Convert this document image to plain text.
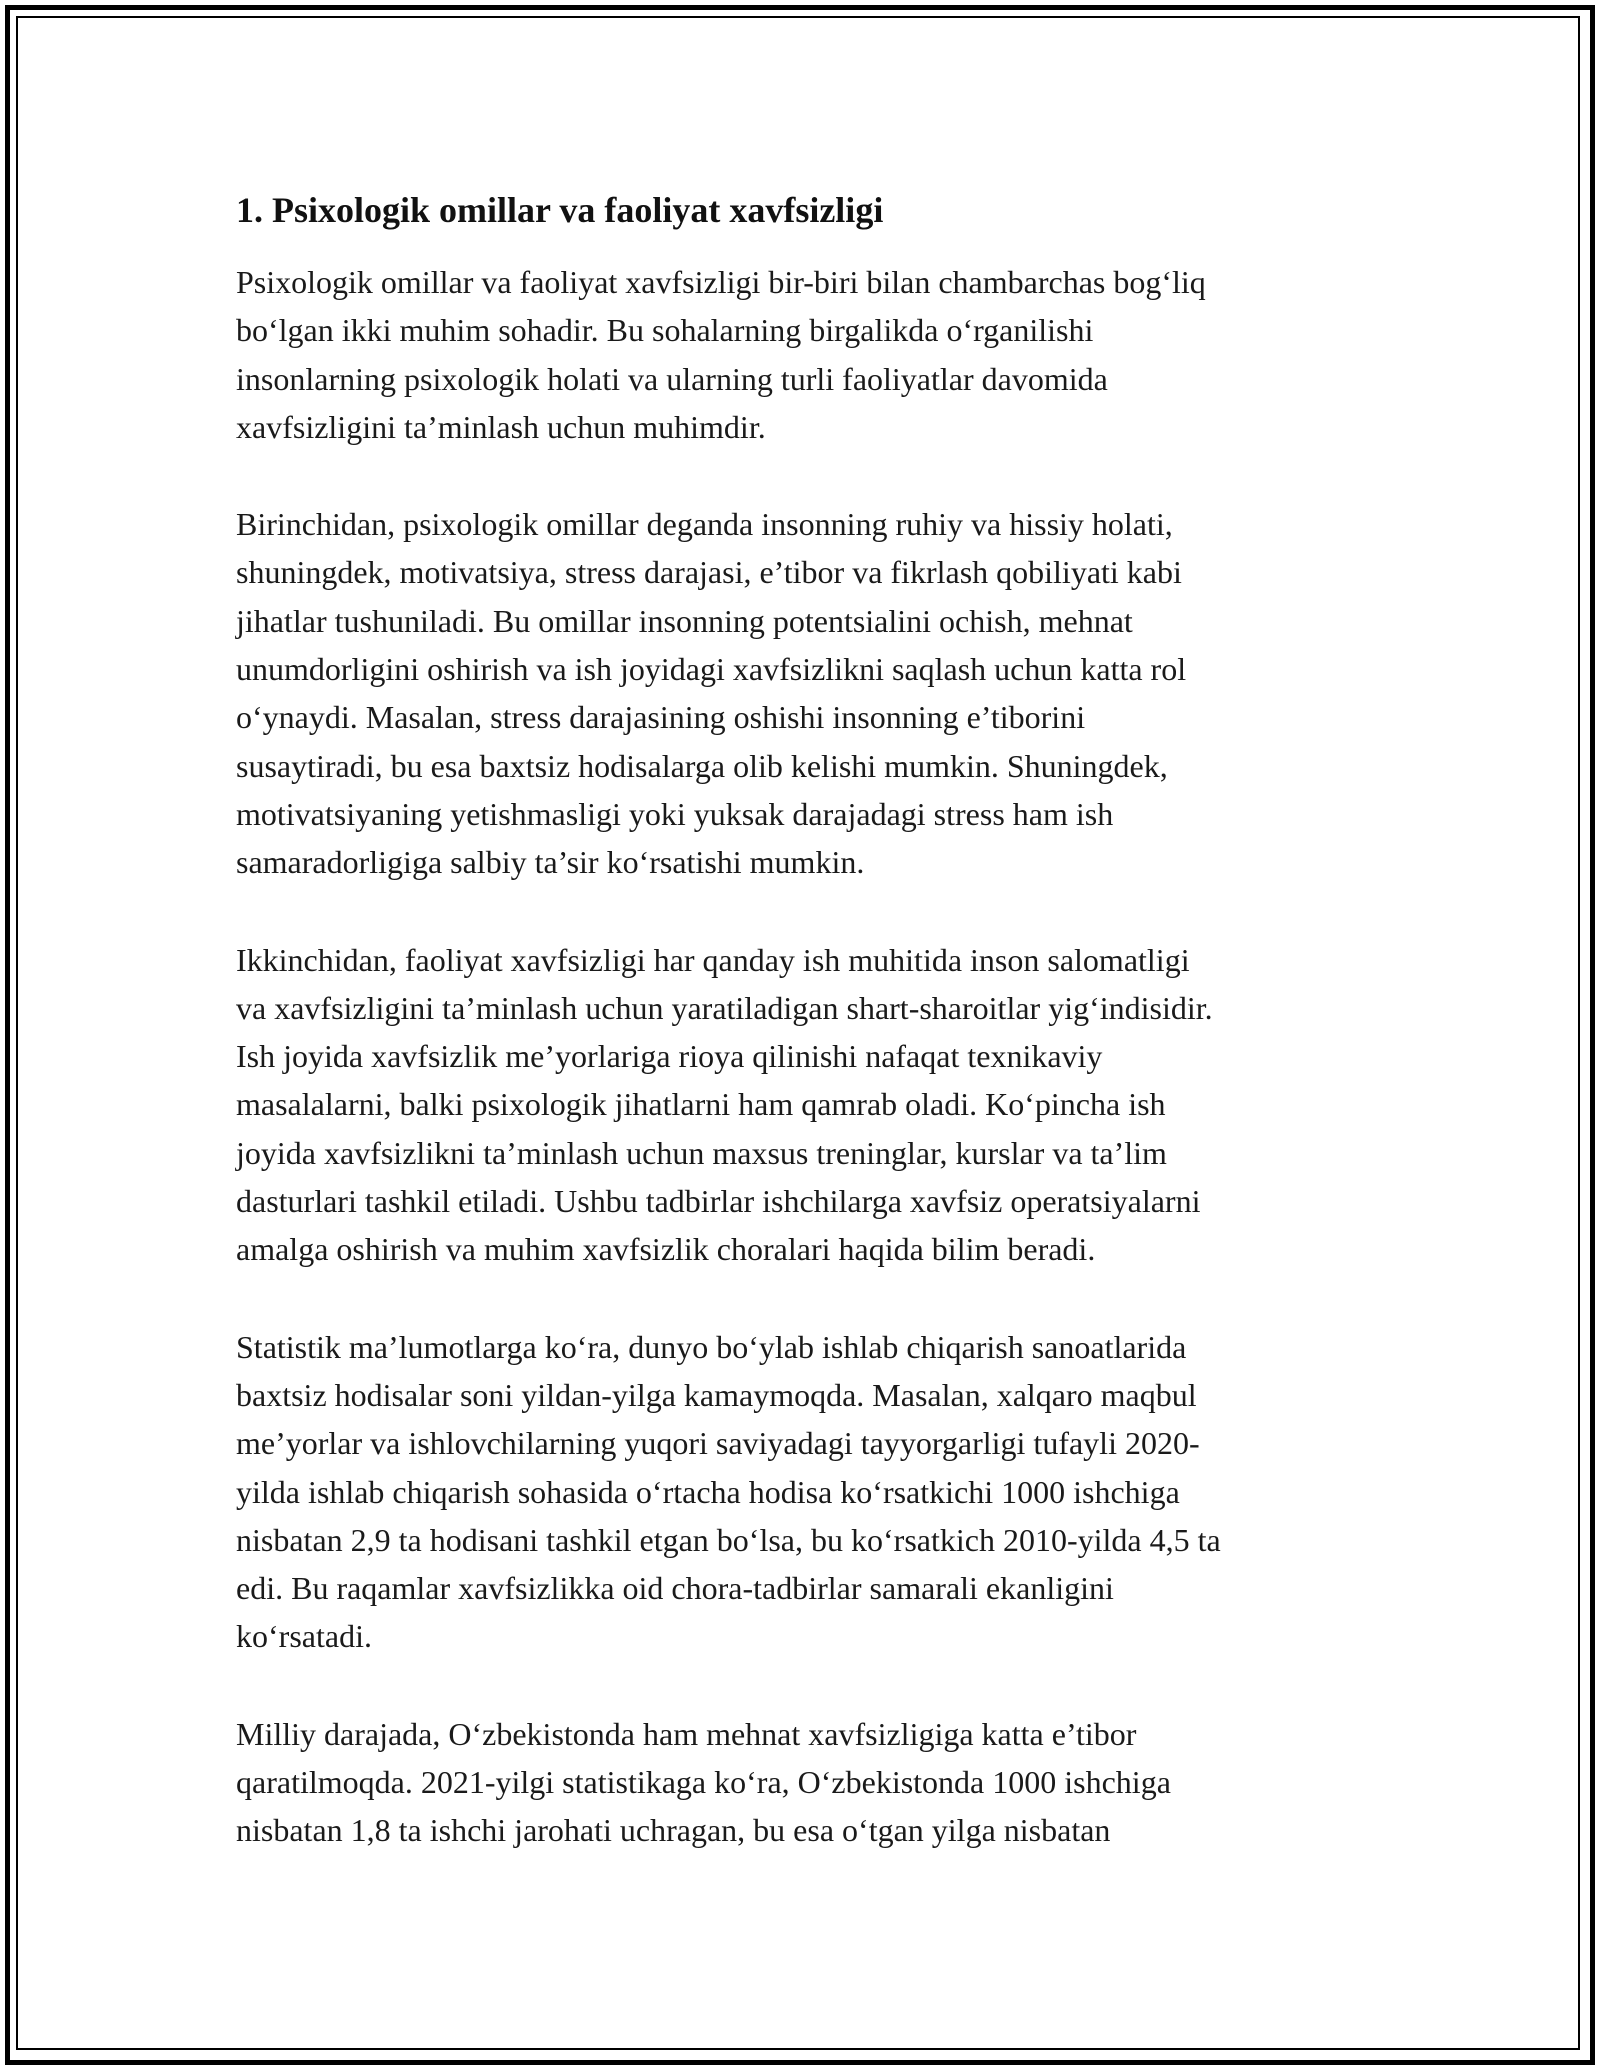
1. Psixologik omillar va faoliyat xavfsizligi

Psixologik omillar va faoliyat xavfsizligi bir-biri bilan chambarchas bog‘liq
bo‘lgan ikki muhim sohadir. Bu sohalarning birgalikda o‘rganilishi
insonlarning psixologik holati va ularning turli faoliyatlar davomida
xavfsizligini ta’minlash uchun muhimdir.

Birinchidan, psixologik omillar deganda insonning ruhiy va hissiy holati,
shuningdek, motivatsiya, stress darajasi, e’tibor va fikrlash qobiliyati kabi
jihatlar tushuniladi. Bu omillar insonning potentsialini ochish, mehnat
unumdorligini oshirish va ish joyidagi xavfsizlikni saqlash uchun katta rol
o‘ynaydi. Masalan, stress darajasining oshishi insonning e’tiborini
susaytiradi, bu esa baxtsiz hodisalarga olib kelishi mumkin. Shuningdek,
motivatsiyaning yetishmasligi yoki yuksak darajadagi stress ham ish
samaradorligiga salbiy ta’sir ko‘rsatishi mumkin.

Ikkinchidan, faoliyat xavfsizligi har qanday ish muhitida inson salomatligi
va xavfsizligini ta’minlash uchun yaratiladigan shart-sharoitlar yig‘indisidir.
Ish joyida xavfsizlik me’yorlariga rioya qilinishi nafaqat texnikaviy
masalalarni, balki psixologik jihatlarni ham qamrab oladi. Ko‘pincha ish
joyida xavfsizlikni ta’minlash uchun maxsus treninglar, kurslar va ta’lim
dasturlari tashkil etiladi. Ushbu tadbirlar ishchilarga xavfsiz operatsiyalarni
amalga oshirish va muhim xavfsizlik choralari haqida bilim beradi.

Statistik ma’lumotlarga ko‘ra, dunyo bo‘ylab ishlab chiqarish sanoatlarida
baxtsiz hodisalar soni yildan-yilga kamaymoqda. Masalan, xalqaro maqbul
me’yorlar va ishlovchilarning yuqori saviyadagi tayyorgarligi tufayli 2020-
yilda ishlab chiqarish sohasida o‘rtacha hodisa ko‘rsatkichi 1000 ishchiga
nisbatan 2,9 ta hodisani tashkil etgan bo‘lsa, bu ko‘rsatkich 2010-yilda 4,5 ta
edi. Bu raqamlar xavfsizlikka oid chora-tadbirlar samarali ekanligini
ko‘rsatadi.

Milliy darajada, O‘zbekistonda ham mehnat xavfsizligiga katta e’tibor
qaratilmoqda. 2021-yilgi statistikaga ko‘ra, O‘zbekistonda 1000 ishchiga
nisbatan 1,8 ta ishchi jarohati uchragan, bu esa o‘tgan yilga nisbatan
